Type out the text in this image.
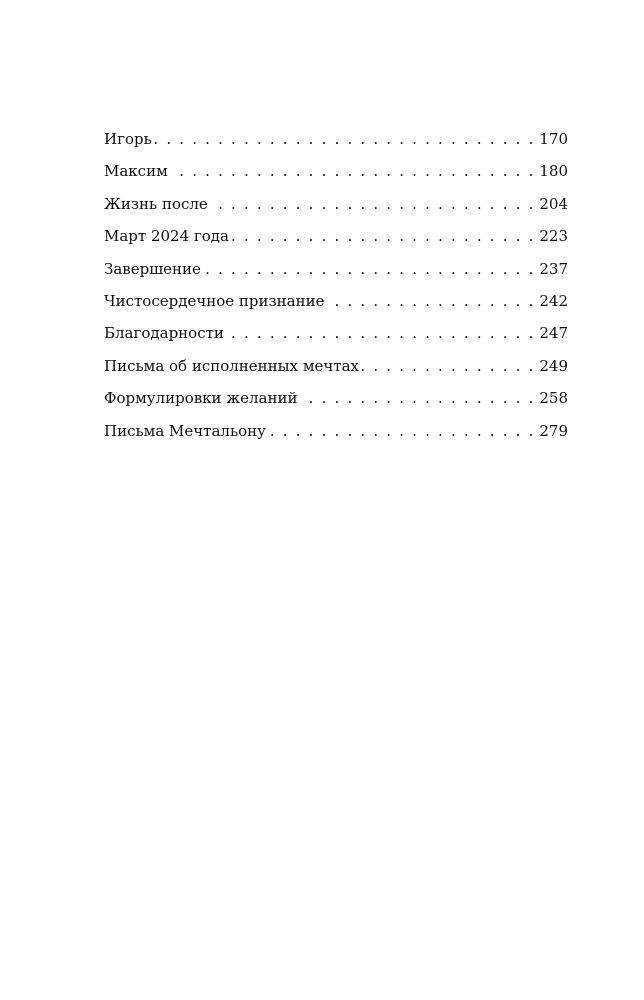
Игорь . . .	170
Максим . . .	180
Жизнь после . . .	204
Март 2024 года . . .	223
Завершение . . .	237
Чистосердечное признание . . .	242
Благодарности . . .	247
Письма об исполненных мечтах . . .	249
Формулировки желаний . . .	258
Письма Мечтальону . . .	279
